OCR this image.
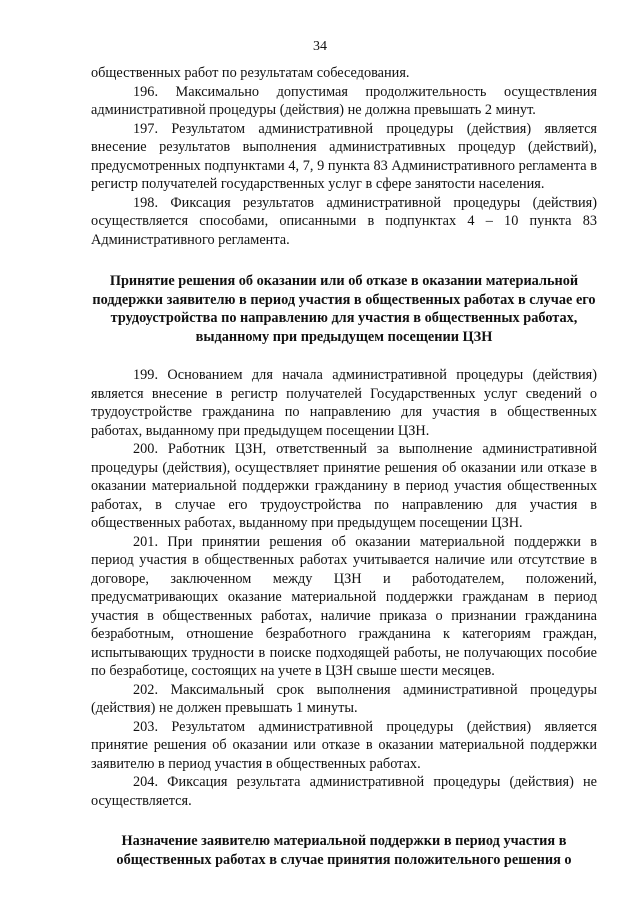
34

общественных работ по результатам собеседования.

196. Максимально допустимая продолжительность осуществления административной процедуры (действия) не должна превышать 2 минут.

197. Результатом административной процедуры (действия) является внесение результатов выполнения административных процедур (действий), предусмотренных подпунктами 4, 7, 9 пункта 83 Административного регламента в регистр получателей государственных услуг в сфере занятости населения.

198. Фиксация результатов административной процедуры (действия) осуществляется способами, описанными в подпунктах 4 – 10 пункта 83 Административного регламента.

Принятие решения об оказании или об отказе в оказании материальной поддержки заявителю в период участия в общественных работах в случае его трудоустройства по направлению для участия в общественных работах, выданному при предыдущем посещении ЦЗН

199. Основанием для начала административной процедуры (действия) является внесение в регистр получателей Государственных услуг сведений о трудоустройстве гражданина по направлению для участия в общественных работах, выданному при предыдущем посещении ЦЗН.

200. Работник ЦЗН, ответственный за выполнение административной процедуры (действия), осуществляет принятие решения об оказании или отказе в оказании материальной поддержки гражданину в период участия общественных работах, в случае его трудоустройства по направлению для участия в общественных работах, выданному при предыдущем посещении ЦЗН.

201. При принятии решения об оказании материальной поддержки в период участия в общественных работах учитывается наличие или отсутствие в договоре, заключенном между ЦЗН и работодателем, положений, предусматривающих оказание материальной поддержки гражданам в период участия в общественных работах, наличие приказа о признании гражданина безработным, отношение безработного гражданина к категориям граждан, испытывающих трудности в поиске подходящей работы, не получающих пособие по безработице, состоящих на учете в ЦЗН свыше шести месяцев.

202. Максимальный срок выполнения административной процедуры (действия) не должен превышать 1 минуты.

203. Результатом административной процедуры (действия) является принятие решения об оказании или отказе в оказании материальной поддержки заявителю в период участия в общественных работах.

204. Фиксация результата административной процедуры (действия) не осуществляется.

Назначение заявителю материальной поддержки в период участия в общественных работах в случае принятия положительного решения о
